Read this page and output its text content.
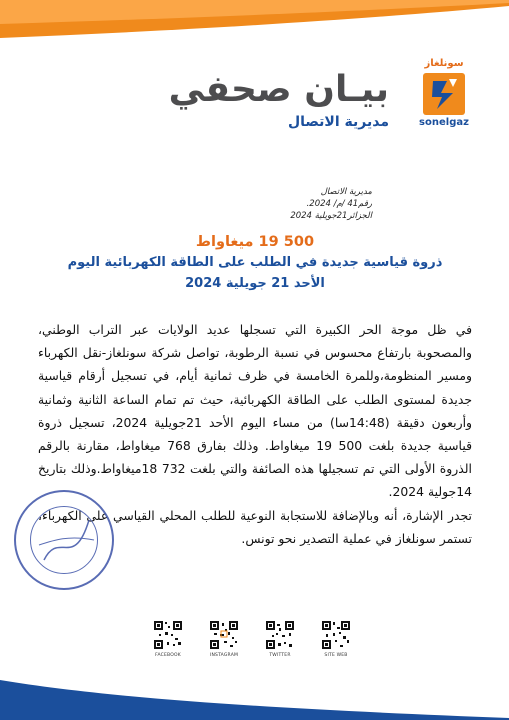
سونلغاز
sonelgaz
بيـان صحفي
مديرية الاتصال
مديرية الاتصال
رقم41 /م/ 2024.
الجزائر21جويلية 2024
500 19 ميغاواط
ذروة قياسية جديدة في الطلب على الطاقة الكهربائية اليوم
الأحد 21 جويلية 2024

في ظل موجة الحر الكبيرة التي تسجلها عديد الولايات عبر التراب الوطني، والمصحوبة بارتفاع محسوس في نسبة الرطوبة، تواصل شركة سونلغاز-نقل الكهرباء ومسير المنظومة،وللمرة الخامسة في ظرف ثمانية أيام، في تسجيل أرقام قياسية جديدة لمستوى الطلب على الطاقة الكهربائية، حيث تم تمام الساعة الثانية وثمانية وأربعون دقيقة (14:48سا) من مساء اليوم الأحد 21جويلية 2024، تسجيل ذروة قياسية جديدة بلغت 500 19 ميغاواط. وذلك بفارق 768 ميغاواط، مقارنة بالرقم الذروة الأولى التي تم تسجيلها هذه الصائفة والتي بلغت 732 18ميغاواط.وذلك بتاريخ 14جولية 2024.

تجدر الإشارة، أنه وبالإضافة للاستجابة النوعية للطلب المحلي القياسي على الكهرباء، تستمر سونلغاز في عملية التصدير نحو تونس.

FACEBOOK	INSTAGRAM	TWITTER	SITE WEB
